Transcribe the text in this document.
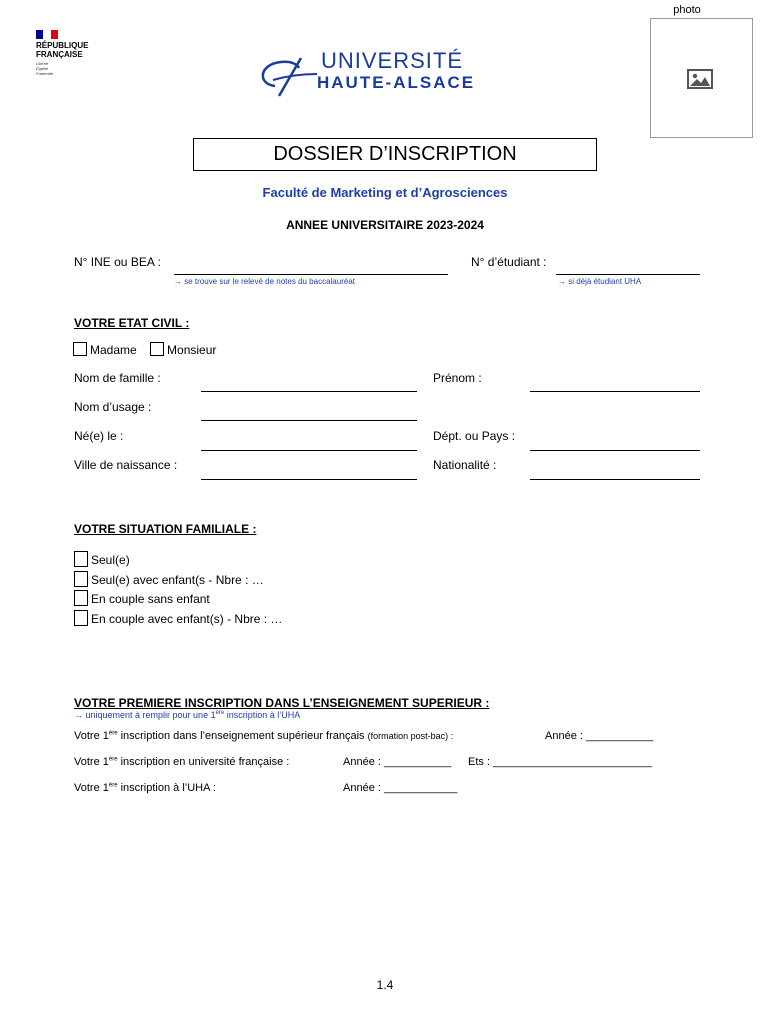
RÉPUBLIQUE
FRANÇAISE
Liberté Égalité Fraternité
UNIVERSITÉ
HAUTE-ALSACE
photo
DOSSIER D’INSCRIPTION
Faculté de Marketing et d’Agrosciences
ANNEE UNIVERSITAIRE 2023-2024
N° INE ou BEA :
→ se trouve sur le relevé de notes du baccalauréat
N° d’étudiant :
→ si déjà étudiant UHA
VOTRE ETAT CIVIL :
Madame	Monsieur
Nom de famille :	Prénom :
Nom d’usage :
Né(e) le :	Dépt. ou Pays :
Ville de naissance :	Nationalité :
VOTRE SITUATION FAMILIALE :
Seul(e)
Seul(e) avec enfant(s - Nbre : …
En couple sans enfant
En couple avec enfant(s) - Nbre : …
VOTRE PREMIERE INSCRIPTION DANS L’ENSEIGNEMENT SUPERIEUR :
→ uniquement à remplir pour une 1ère inscription à l’UHA
Votre 1ère inscription dans l’enseignement supérieur français (formation post-bac) :	Année : ___________
Votre 1ère inscription en université française :	Année : ___________ Ets : __________________________
Votre 1ère inscription à l’UHA :	Année : ____________
1.4
